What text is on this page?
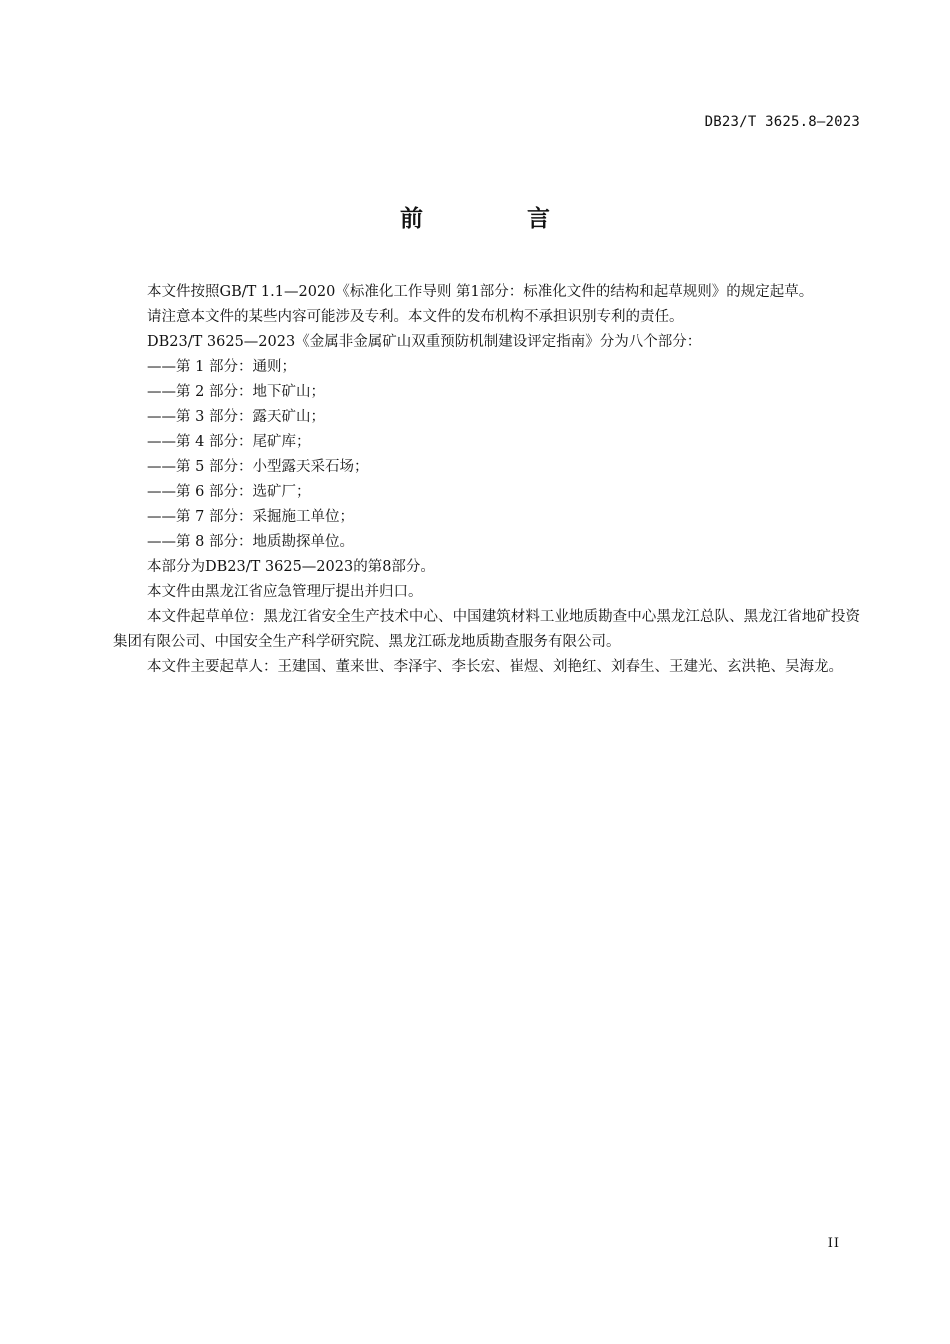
DB23/T 3625.8—2023
前 言

本文件按照GB/T 1.1—2020《标准化工作导则 第1部分：标准化文件的结构和起草规则》的规定起草。

请注意本文件的某些内容可能涉及专利。本文件的发布机构不承担识别专利的责任。

DB23/T 3625—2023《金属非金属矿山双重预防机制建设评定指南》分为八个部分：

——第 1 部分：通则；

——第 2 部分：地下矿山；

——第 3 部分：露天矿山；

——第 4 部分：尾矿库；

——第 5 部分：小型露天采石场；

——第 6 部分：选矿厂；

——第 7 部分：采掘施工单位；

——第 8 部分：地质勘探单位。

本部分为DB23/T 3625—2023的第8部分。

本文件由黑龙江省应急管理厅提出并归口。

本文件起草单位：黑龙江省安全生产技术中心、中国建筑材料工业地质勘查中心黑龙江总队、黑龙江省地矿投资集团有限公司、中国安全生产科学研究院、黑龙江砾龙地质勘查服务有限公司。

本文件主要起草人：王建国、董来世、李泽宇、李长宏、崔煜、刘艳红、刘春生、王建光、玄洪艳、吴海龙。

II
